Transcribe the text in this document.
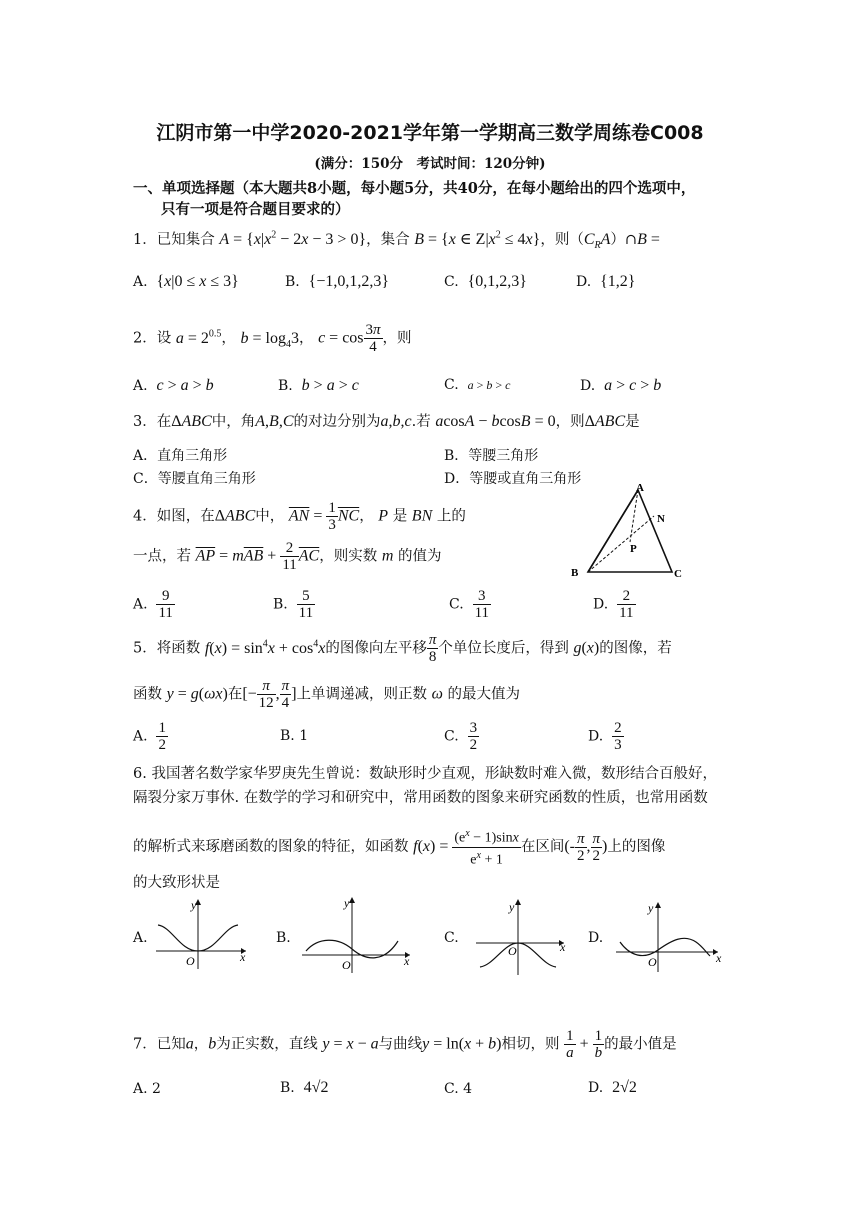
江阴市第一中学2020-2021学年第一学期高三数学周练卷C008
(满分：150分　考试时间：120分钟)
一、单项选择题（本大题共8小题，每小题5分，共40分，在每小题给出的四个选项中，
只有一项是符合题目要求的）
1．已知集合 $A = \{x|x^2 - 2x - 3 > 0\}$，集合 B = {x ∈ $Z|x^2 \le 4x$}，则$(C_RA)\cap B$ =
A. {x|0 ≤ x ≤ 3}	B. {−1,0,1,2,3}	C. {0,1,2,3}	D. {1,2}
2．设 $a = 2^{0.5}$， $b = \log_43$， $c = \cos \frac{3\pi}{4}$ ，则
A. c > a > b	B. b > a > c	C. a > b > c	D. a > c > b
3．在ΔABC中，角A,B,C的对边分别为a,b,c.若 acosA − bcosB = 0，则ΔABC是
A．直角三角形	B．等腰三角形
C．等腰直角三角形	D．等腰或直角三角形
4．如图，在ΔABC中， $\overline{AN} = \frac{1}{3} \overline{NC}$， P 是 BN 上的
一点，若 $\overline{AP} = m\overline{AB} + \frac{2}{11} \overline{AC}$，则实数 m 的值为
A
N
P
B	C
A. $\frac{9}{11}$	B. $\frac{5}{11}$	C. $\frac{3}{11}$	D. $\frac{2}{11}$
5．将函数 $f(x) = \sin^4x + \cos^4x$的图像向左平移 $\frac{\pi}{8}$ 个单位长度后，得到 g(x)的图像，若
函数 y = g(ωx)在[− $\frac{\pi}{12}$ , $\frac{\pi}{4}$ ]上单调递减，则正数 ω 的最大值为
A. $\frac{1}{2}$	B. 1	C. $\frac{3}{2}$	D. $\frac{2}{3}$
6. 我国著名数学家华罗庚先生曾说：数缺形时少直观，形缺数时难入微，数形结合百般好，
隔裂分家万事休. 在数学的学习和研究中，常用函数的图象来研究函数的性质，也常用函数
的解析式来琢磨函数的图象的特征，如函数 $f(x) = \frac{(e^x - 1)\sin x}{e^x + 1}$ 在区间(- $\frac{\pi}{2}$ , $\frac{\pi}{2}$ )上的图像
的大致形状是
A.
y
O	x
B.
y
O	x
C.
y
O	x
D.
y
O	x
7．已知a，b为正实数，直线 y = x − a与曲线y = ln(x + b)相切，则 $\frac{1}{a} + \frac{1}{b}$ 的最小值是
A. 2	B. 4√2	C. 4	D. 2√2
